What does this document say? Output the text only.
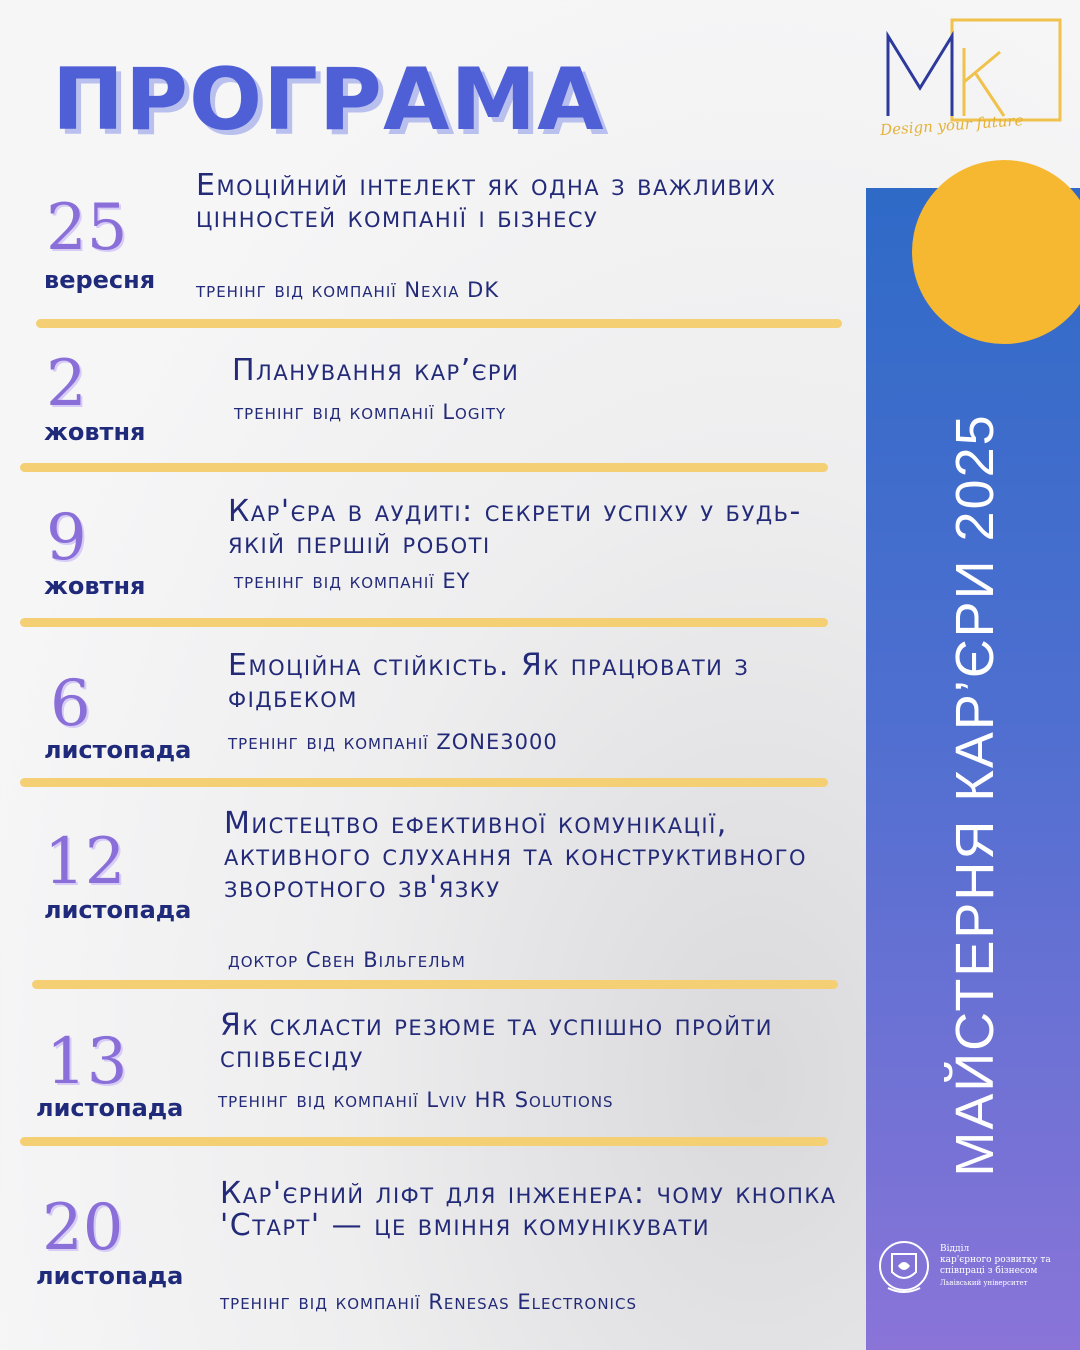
ПРОГРАМА	Design your future
МАЙСТЕРНЯ КАР’ЄРИ 2025
Відділ
кар'єрного розвитку та
співпраці з бізнесом
Львівський університет
25
вересня
Емоційний інтелект як одна з важливих цінностей компанії і бізнесу
тренінг від компанії Nexia DK
2
жовтня
Планування кар’єри
тренінг від компанії Logity
9
жовтня
Кар'єра в аудиті: секрети успіху у будь-якій першій роботі
тренінг від компанії EY
6
листопада
Емоційна стійкість. Як працювати з фідбеком
тренінг від компанії ZONE3000
12
листопада
Мистецтво ефективної комунікації, активного слухання та конструктивного зворотного зв'язку
доктор Свен Вільгельм
13
листопада
Як скласти резюме та успішно пройти співбесіду
тренінг від компанії Lviv HR Solutions
20
листопада
Кар'єрний ліфт для інженера: чому кнопка 'Старт' — це вміння комунікувати
тренінг від компанії Renesas Electronics
